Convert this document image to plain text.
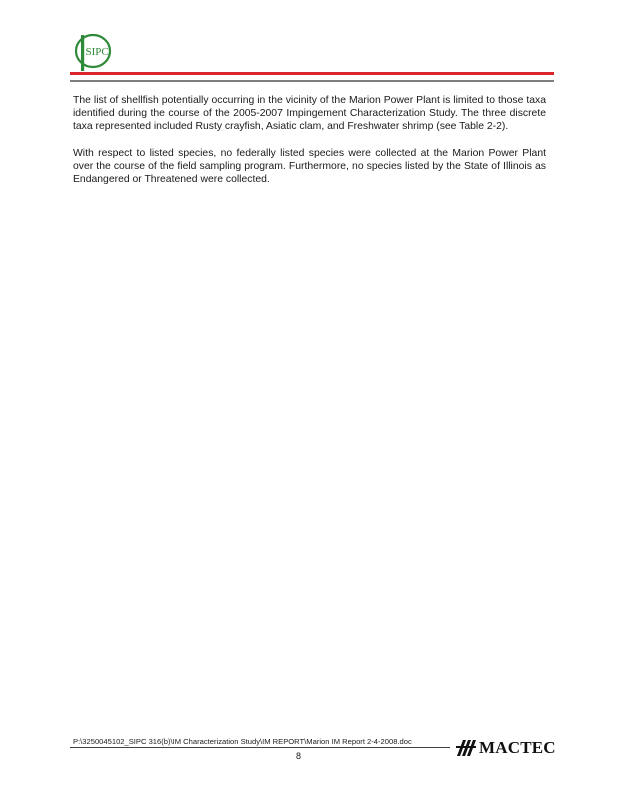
SIPC

The list of shellfish potentially occurring in the vicinity of the Marion Power Plant is limited to those taxa identified during the course of the 2005-2007 Impingement Characterization Study. The three discrete taxa represented included Rusty crayfish, Asiatic clam, and Freshwater shrimp (see Table 2-2).

With respect to listed species, no federally listed species were collected at the Marion Power Plant over the course of the field sampling program. Furthermore, no species listed by the State of Illinois as Endangered or Threatened were collected.

P:\3250045102_SIPC 316(b)\IM Characterization Study\IM REPORT\Marion IM Report 2-4-2008.doc
8	MACTEC
